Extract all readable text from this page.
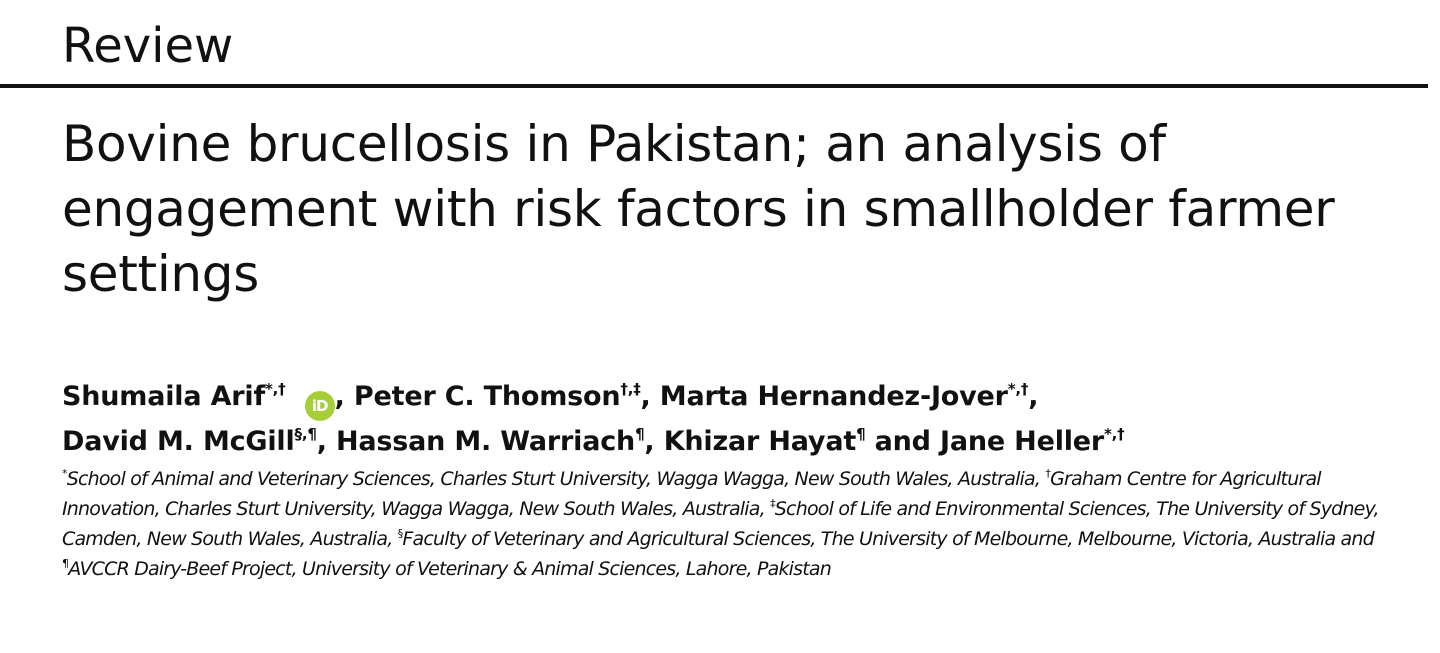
Review
Bovine brucellosis in Pakistan; an analysis of engagement with risk factors in smallholder farmer settings

Shumaila Arif*,† iD , Peter C. Thomson†,‡, Marta Hernandez-Jover*,†,
David M. McGill§,¶, Hassan M. Warriach¶, Khizar Hayat¶ and Jane Heller*,†

*School of Animal and Veterinary Sciences, Charles Sturt University, Wagga Wagga, New South Wales, Australia, †Graham Centre for Agricultural Innovation, Charles Sturt University, Wagga Wagga, New South Wales, Australia, ‡School of Life and Environmental Sciences, The University of Sydney, Camden, New South Wales, Australia, §Faculty of Veterinary and Agricultural Sciences, The University of Melbourne, Melbourne, Victoria, Australia and ¶AVCCR Dairy-Beef Project, University of Veterinary & Animal Sciences, Lahore, Pakistan
